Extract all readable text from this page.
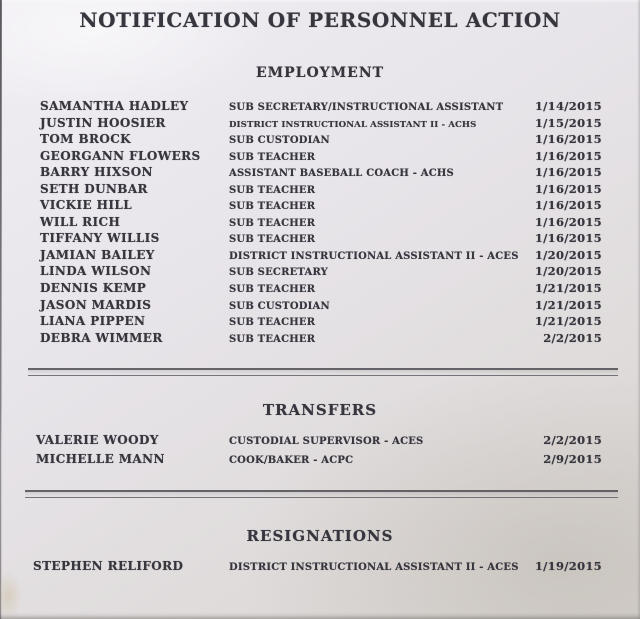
NOTIFICATION OF PERSONNEL ACTION
EMPLOYMENT
SAMANTHA HADLEY	SUB SECRETARY/INSTRUCTIONAL ASSISTANT	1/14/2015
JUSTIN HOOSIER	DISTRICT INSTRUCTIONAL ASSISTANT II - ACHS	1/15/2015
TOM BROCK	SUB CUSTODIAN	1/16/2015
GEORGANN FLOWERS	SUB TEACHER	1/16/2015
BARRY HIXSON	ASSISTANT BASEBALL COACH - ACHS	1/16/2015
SETH DUNBAR	SUB TEACHER	1/16/2015
VICKIE HILL	SUB TEACHER	1/16/2015
WILL RICH	SUB TEACHER	1/16/2015
TIFFANY WILLIS	SUB TEACHER	1/16/2015
JAMIAN BAILEY	DISTRICT INSTRUCTIONAL ASSISTANT II - ACES	1/20/2015
LINDA WILSON	SUB SECRETARY	1/20/2015
DENNIS KEMP	SUB TEACHER	1/21/2015
JASON MARDIS	SUB CUSTODIAN	1/21/2015
LIANA PIPPEN	SUB TEACHER	1/21/2015
DEBRA WIMMER	SUB TEACHER	2/2/2015
TRANSFERS
VALERIE WOODY	CUSTODIAL SUPERVISOR - ACES	2/2/2015
MICHELLE MANN	COOK/BAKER - ACPC	2/9/2015
RESIGNATIONS
STEPHEN RELIFORD	DISTRICT INSTRUCTIONAL ASSISTANT II - ACES	1/19/2015
